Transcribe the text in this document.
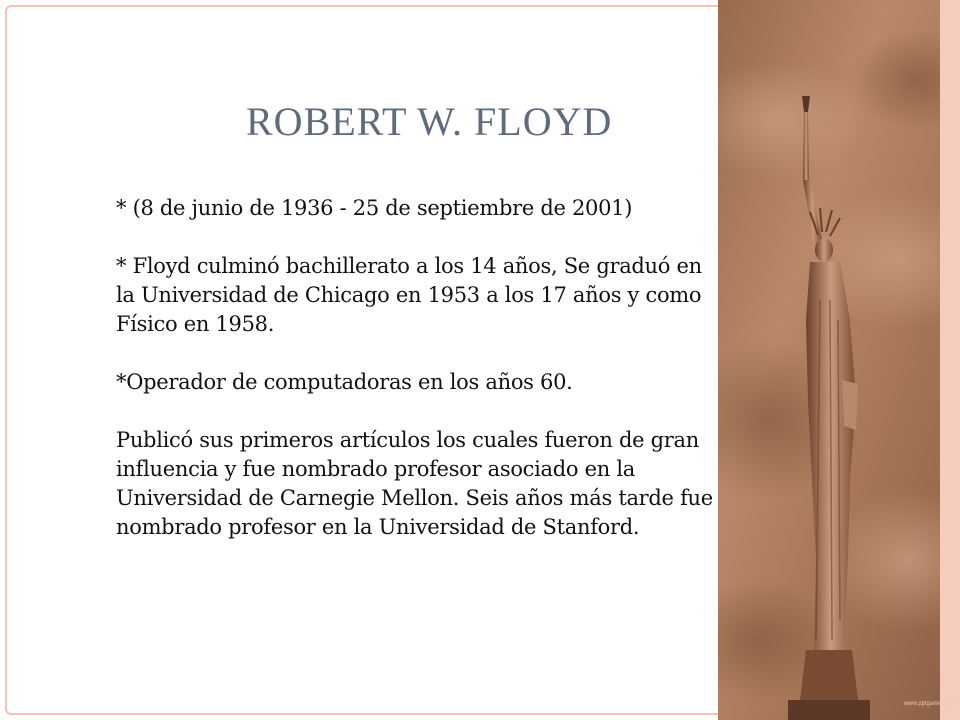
ROBERT W. FLOYD

* (8 de junio de 1936 - 25 de septiembre de 2001)

* Floyd culminó bachillerato a los 14 años, Se graduó en la Universidad de Chicago en 1953 a los 17 años y como Físico en 1958.

*Operador de computadoras en los años 60.

Publicó sus primeros artículos los cuales fueron de gran influencia y fue nombrado profesor asociado en la Universidad de Carnegie Mellon. Seis años más tarde fue nombrado profesor en la Universidad de Stanford.

www.pptgames.com
